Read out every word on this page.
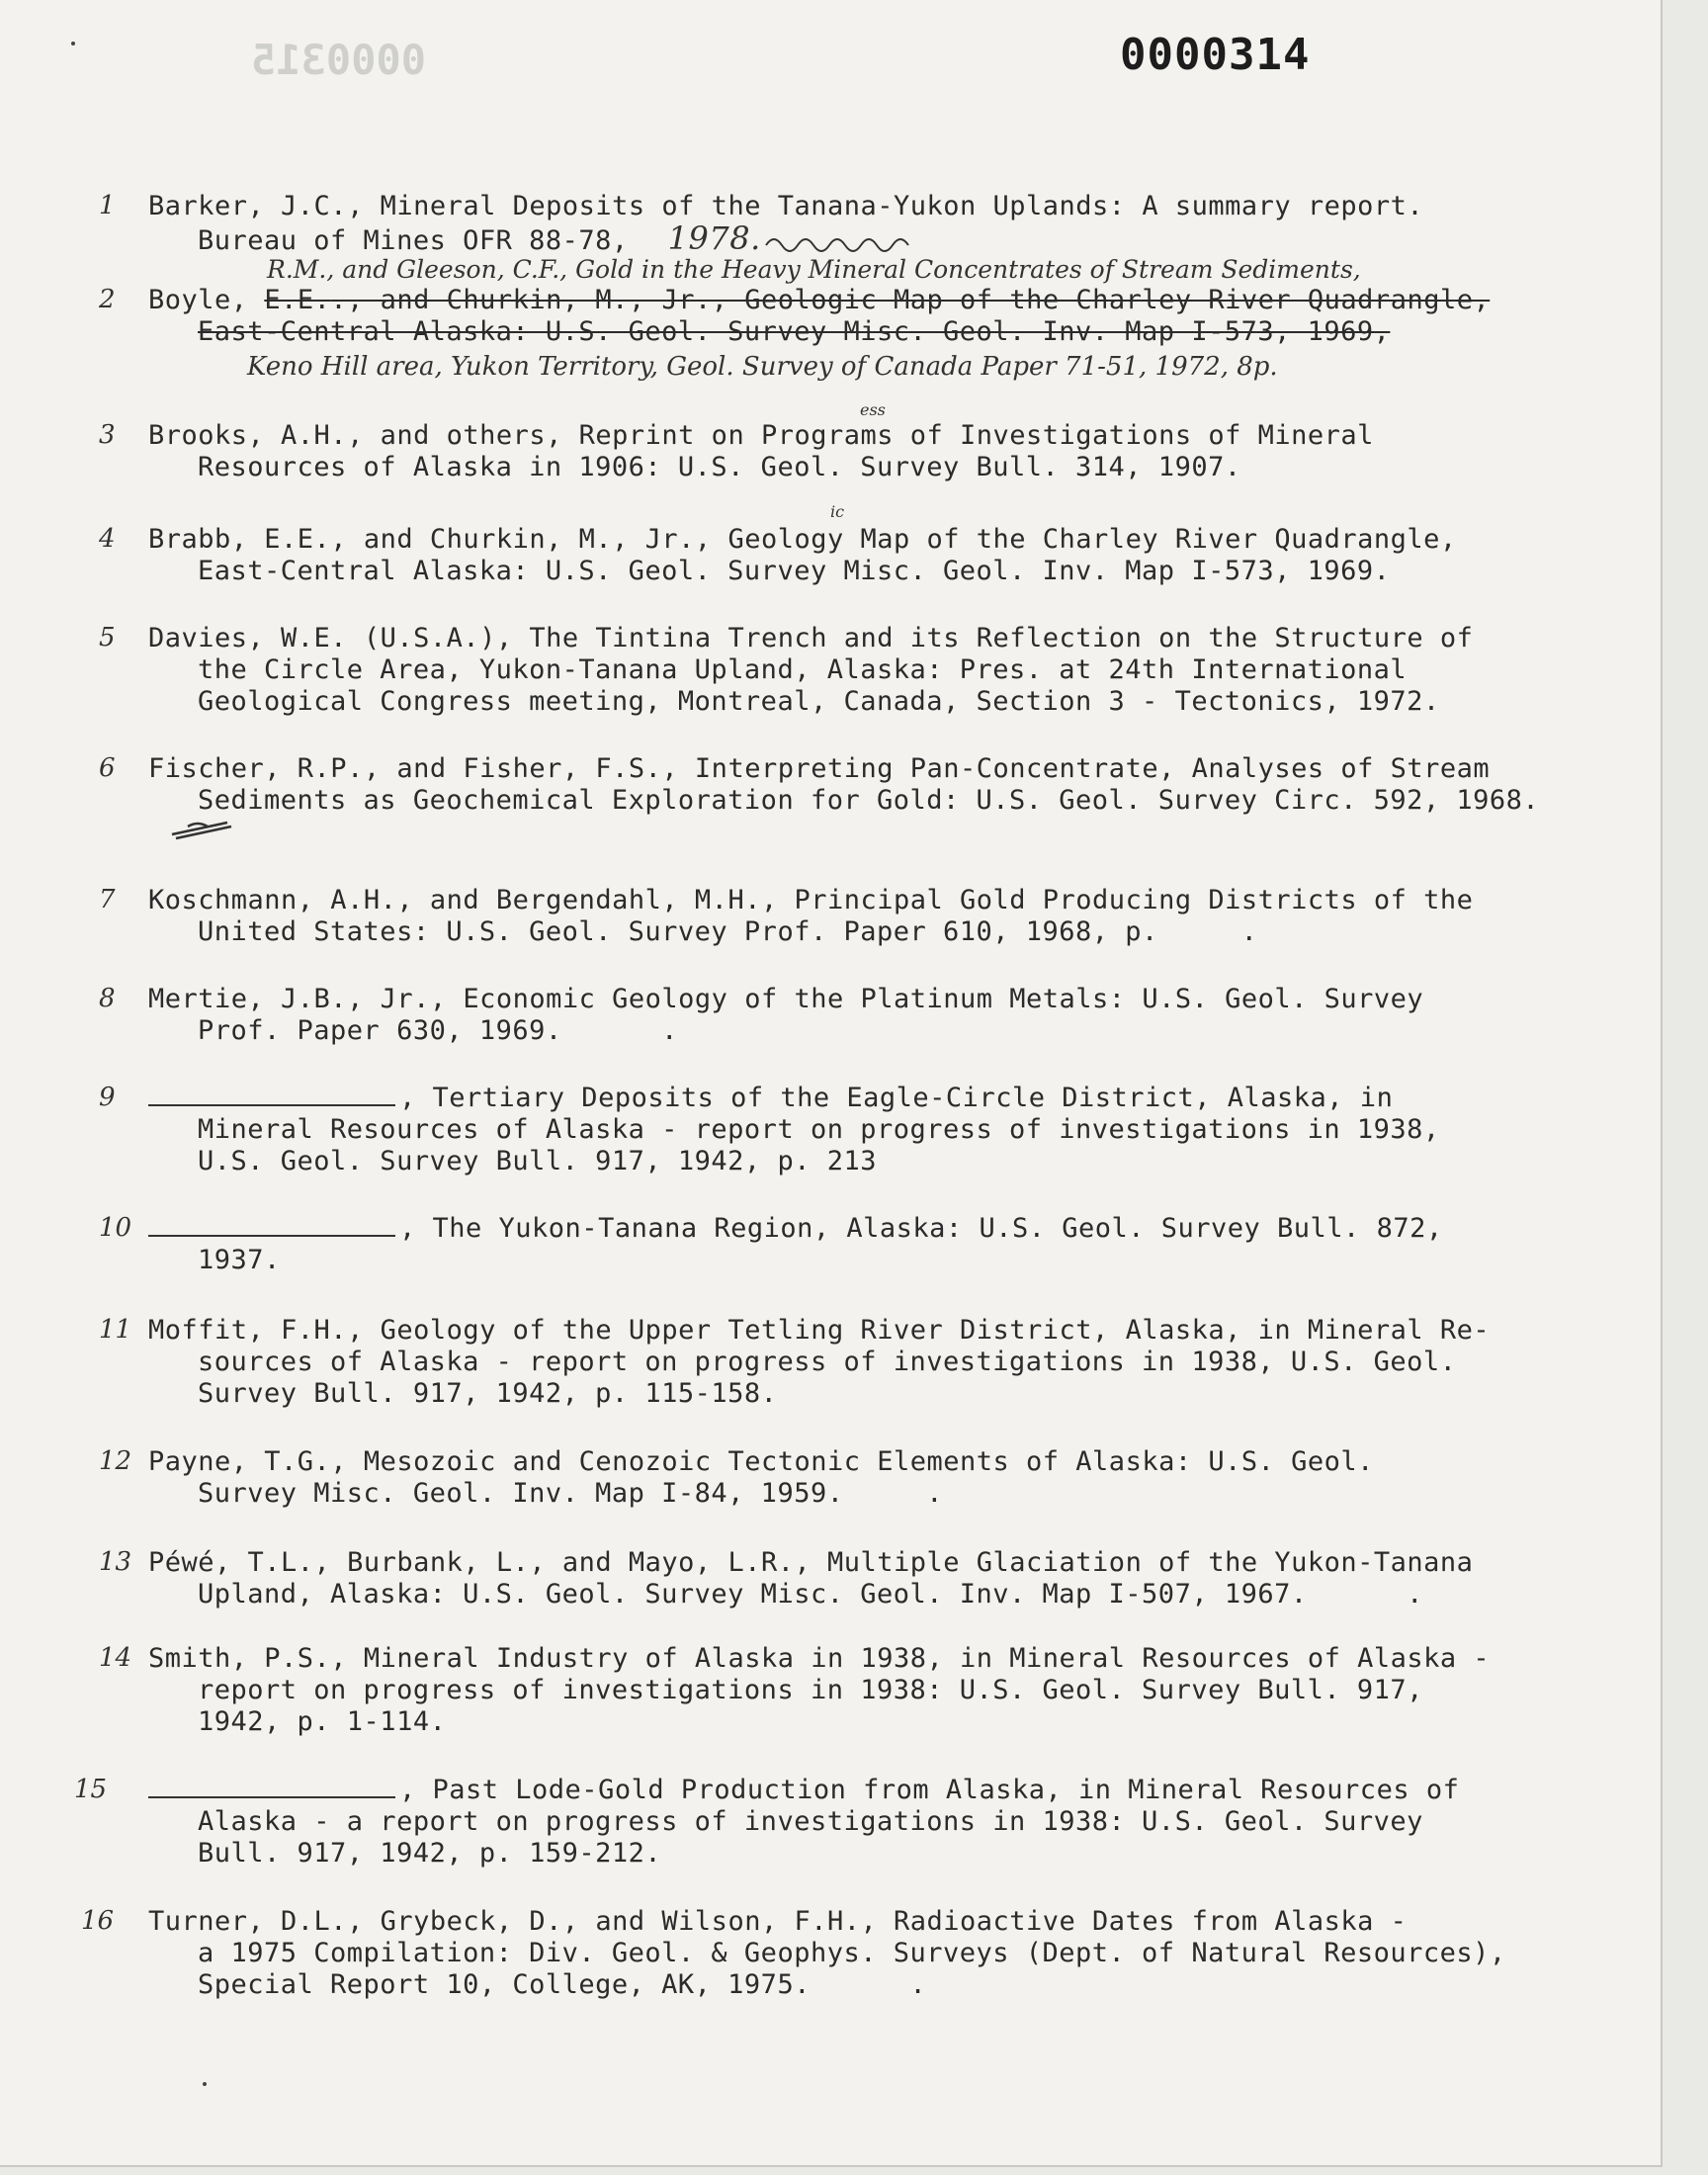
0000315	0000314
1	Barker, J.C., Mineral Deposits of the Tanana-Yukon Uplands: A summary report.
Bureau of Mines OFR 88-78, 1978.
R.M., and Gleeson, C.F., Gold in the Heavy Mineral Concentrates of Stream Sediments,
2	Boyle, E.E.., and Churkin, M., Jr., Geologic Map of the Charley River Quadrangle,
East-Central Alaska: U.S. Geol. Survey Misc. Geol. Inv. Map I-573, 1969,
Keno Hill area, Yukon Territory, Geol. Survey of Canada Paper 71-51, 1972, 8p.
ess
3	Brooks, A.H., and others, Reprint on Programs of Investigations of Mineral
Resources of Alaska in 1906: U.S. Geol. Survey Bull. 314, 1907.
ic
4	Brabb, E.E., and Churkin, M., Jr., Geology Map of the Charley River Quadrangle,
East-Central Alaska: U.S. Geol. Survey Misc. Geol. Inv. Map I-573, 1969.
5	Davies, W.E. (U.S.A.), The Tintina Trench and its Reflection on the Structure of
the Circle Area, Yukon-Tanana Upland, Alaska: Pres. at 24th International
Geological Congress meeting, Montreal, Canada, Section 3 - Tectonics, 1972.
6	Fischer, R.P., and Fisher, F.S., Interpreting Pan-Concentrate, Analyses of Stream
Sediments as Geochemical Exploration for Gold: U.S. Geol. Survey Circ. 592, 1968.
7	Koschmann, A.H., and Bergendahl, M.H., Principal Gold Producing Districts of the
United States: U.S. Geol. Survey Prof. Paper 610, 1968, p.     .
8	Mertie, J.B., Jr., Economic Geology of the Platinum Metals: U.S. Geol. Survey
Prof. Paper 630, 1969.      .
9	, Tertiary Deposits of the Eagle-Circle District, Alaska, in
Mineral Resources of Alaska - report on progress of investigations in 1938,
U.S. Geol. Survey Bull. 917, 1942, p. 213
10	, The Yukon-Tanana Region, Alaska: U.S. Geol. Survey Bull. 872,
1937.
11 Moffit, F.H., Geology of the Upper Tetling River District, Alaska, in Mineral Re-
sources of Alaska - report on progress of investigations in 1938, U.S. Geol.
Survey Bull. 917, 1942, p. 115-158.
12 Payne, T.G., Mesozoic and Cenozoic Tectonic Elements of Alaska: U.S. Geol.
Survey Misc. Geol. Inv. Map I-84, 1959.     .
13 Péwé, T.L., Burbank, L., and Mayo, L.R., Multiple Glaciation of the Yukon-Tanana
Upland, Alaska: U.S. Geol. Survey Misc. Geol. Inv. Map I-507, 1967.      .
14 Smith, P.S., Mineral Industry of Alaska in 1938, in Mineral Resources of Alaska -
report on progress of investigations in 1938: U.S. Geol. Survey Bull. 917,
1942, p. 1-114.
15	, Past Lode-Gold Production from Alaska, in Mineral Resources of
Alaska - a report on progress of investigations in 1938: U.S. Geol. Survey
Bull. 917, 1942, p. 159-212.
16	Turner, D.L., Grybeck, D., and Wilson, F.H., Radioactive Dates from Alaska -
a 1975 Compilation: Div. Geol. & Geophys. Surveys (Dept. of Natural Resources),
Special Report 10, College, AK, 1975.      .
